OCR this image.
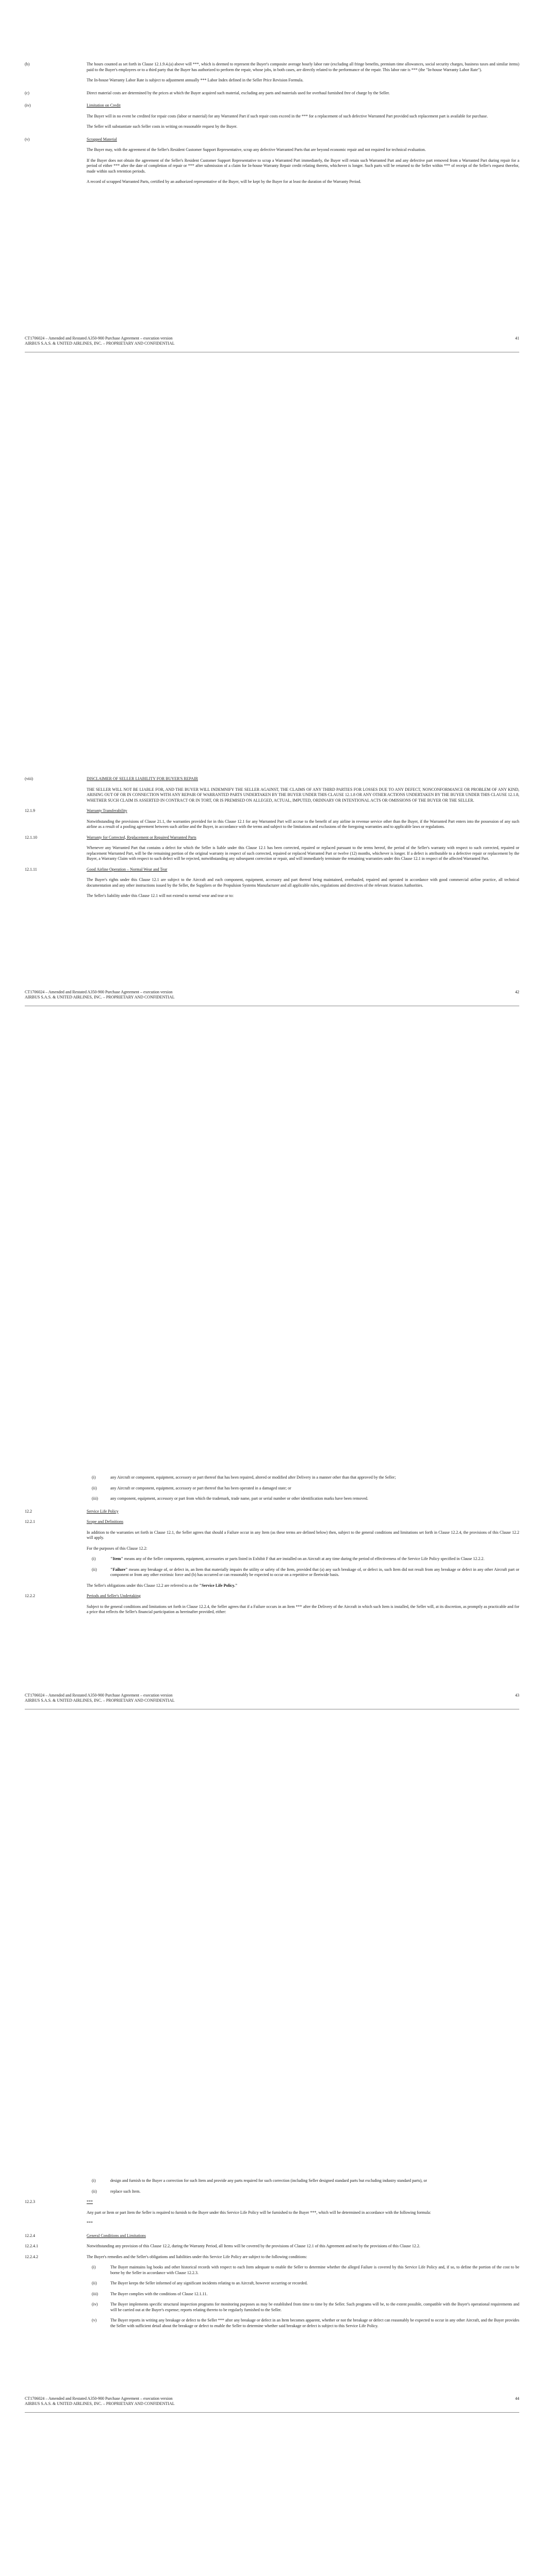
(b)	The hours counted as set forth in Clause 12.1.9.4.(a) above will ***, which is deemed to represent the Buyer's composite average hourly labor rate (excluding all fringe benefits, premium time allowances, social security charges, business taxes and similar items) paid to the Buyer's employees or to a third party that the Buyer has authorized to perform the repair, whose jobs, in both cases, are directly related to the performance of the repair. This labor rate is *** (the "In-house Warranty Labor Rate").
The In-house Warranty Labor Rate is subject to adjustment annually *** Labor Index defined in the Seller Price Revision Formula.
(c)	Direct material costs are determined by the prices at which the Buyer acquired such material, excluding any parts and materials used for overhaul furnished free of charge by the Seller.
(iv)	Limitation on Credit
The Buyer will in no event be credited for repair costs (labor or material) for any Warranted Part if such repair costs exceed in the *** for a replacement of such defective Warranted Part provided such replacement part is available for purchase.
The Seller will substantiate such Seller costs in writing on reasonable request by the Buyer.
(v)	Scrapped Material
The Buyer may, with the agreement of the Seller's Resident Customer Support Representative, scrap any defective Warranted Parts that are beyond economic repair and not required for technical evaluation.
If the Buyer does not obtain the agreement of the Seller's Resident Customer Support Representative to scrap a Warranted Part immediately, the Buyer will retain such Warranted Part and any defective part removed from a Warranted Part during repair for a period of either *** after the date of completion of repair or *** after submission of a claim for In-house Warranty Repair credit relating thereto, whichever is longer. Such parts will be returned to the Seller within *** of receipt of the Seller's request therefor, made within such retention periods.
A record of scrapped Warranted Parts, certified by an authorized representative of the Buyer, will be kept by the Buyer for at least the duration of the Warranty Period.
CT1706024 – Amended and Restated A350-900 Purchase Agreement – execution version
AIRBUS S.A.S. & UNITED AIRLINES, INC. – PROPRIETARY AND CONFIDENTIAL
41
(viii)	DISCLAIMER OF SELLER LIABILITY FOR BUYER'S REPAIR
THE SELLER WILL NOT BE LIABLE FOR, AND THE BUYER WILL INDEMNIFY THE SELLER AGAINST, THE CLAIMS OF ANY THIRD PARTIES FOR LOSSES DUE TO ANY DEFECT, NONCONFORMANCE OR PROBLEM OF ANY KIND, ARISING OUT OF OR IN CONNECTION WITH ANY REPAIR OF WARRANTED PARTS UNDERTAKEN BY THE BUYER UNDER THIS CLAUSE 12.1.8 OR ANY OTHER ACTIONS UNDERTAKEN BY THE BUYER UNDER THIS CLAUSE 12.1.8, WHETHER SUCH CLAIM IS ASSERTED IN CONTRACT OR IN TORT, OR IS PREMISED ON ALLEGED, ACTUAL, IMPUTED, ORDINARY OR INTENTIONAL ACTS OR OMISSIONS OF THE BUYER OR THE SELLER.
12.1.9	Warranty Transferability
Notwithstanding the provisions of Clause 21.1, the warranties provided for in this Clause 12.1 for any Warranted Part will accrue to the benefit of any airline in revenue service other than the Buyer, if the Warranted Part enters into the possession of any such airline as a result of a pooling agreement between such airline and the Buyer, in accordance with the terms and subject to the limitations and exclusions of the foregoing warranties and to applicable laws or regulations.
12.1.10	Warranty for Corrected, Replacement or Repaired Warranted Parts
Whenever any Warranted Part that contains a defect for which the Seller is liable under this Clause 12.1 has been corrected, repaired or replaced pursuant to the terms hereof, the period of the Seller's warranty with respect to such corrected, repaired or replacement Warranted Part, will be the remaining portion of the original warranty in respect of such corrected, repaired or replaced Warranted Part or twelve (12) months, whichever is longer. If a defect is attributable to a defective repair or replacement by the Buyer, a Warranty Claim with respect to such defect will be rejected, notwithstanding any subsequent correction or repair, and will immediately terminate the remaining warranties under this Clause 12.1 in respect of the affected Warranted Part.
12.1.11	Good Airline Operation – Normal Wear and Tear
The Buyer's rights under this Clause 12.1 are subject to the Aircraft and each component, equipment, accessory and part thereof being maintained, overhauled, repaired and operated in accordance with good commercial airline practice, all technical documentation and any other instructions issued by the Seller, the Suppliers or the Propulsion Systems Manufacturer and all applicable rules, regulations and directives of the relevant Aviation Authorities.
The Seller's liability under this Clause 12.1 will not extend to normal wear and tear or to:
CT1706024 – Amended and Restated A350-900 Purchase Agreement – execution version
AIRBUS S.A.S. & UNITED AIRLINES, INC. – PROPRIETARY AND CONFIDENTIAL
42
(i)	any Aircraft or component, equipment, accessory or part thereof that has been repaired, altered or modified after Delivery in a manner other than that approved by the Seller;
(ii)	any Aircraft or component, equipment, accessory or part thereof that has been operated in a damaged state; or
(iii)	any component, equipment, accessory or part from which the trademark, trade name, part or serial number or other identification marks have been removed.
12.2	Service Life Policy
12.2.1	Scope and Definitions
In addition to the warranties set forth in Clause 12.1, the Seller agrees that should a Failure occur in any Item (as these terms are defined below) then, subject to the general conditions and limitations set forth in Clause 12.2.4, the provisions of this Clause 12.2 will apply.
For the purposes of this Clause 12.2:
(i)	"Item" means any of the Seller components, equipment, accessories or parts listed in Exhibit F that are installed on an Aircraft at any time during the period of effectiveness of the Service Life Policy specified in Clause 12.2.2.
(ii)	"Failure" means any breakage of, or defect in, an Item that materially impairs the utility or safety of the Item, provided that (a) any such breakage of, or defect in, such Item did not result from any breakage or defect in any other Aircraft part or component or from any other extrinsic force and (b) has occurred or can reasonably be expected to occur on a repetitive or fleetwide basis.
The Seller's obligations under this Clause 12.2 are referred to as the "Service Life Policy."
12.2.2	Periods and Seller's Undertaking
Subject to the general conditions and limitations set forth in Clause 12.2.4, the Seller agrees that if a Failure occurs in an Item *** after the Delivery of the Aircraft in which such Item is installed, the Seller will, at its discretion, as promptly as practicable and for a price that reflects the Seller's financial participation as hereinafter provided, either:
CT1706024 – Amended and Restated A350-900 Purchase Agreement – execution version
AIRBUS S.A.S. & UNITED AIRLINES, INC. – PROPRIETARY AND CONFIDENTIAL
43
(i)	design and furnish to the Buyer a correction for such Item and provide any parts required for such correction (including Seller designed standard parts but excluding industry standard parts), or
(ii)	replace such Item.
12.2.3	***
Any part or Item or part Item the Seller is required to furnish to the Buyer under this Service Life Policy will be furnished to the Buyer ***, which will be determined in accordance with the following formula:
***
12.2.4	General Conditions and Limitations
12.2.4.1	Notwithstanding any provision of this Clause 12.2, during the Warranty Period, all Items will be covered by the provisions of Clause 12.1 of this Agreement and not by the provisions of this Clause 12.2.
12.2.4.2	The Buyer's remedies and the Seller's obligations and liabilities under this Service Life Policy are subject to the following conditions:
(i)	The Buyer maintains log books and other historical records with respect to each Item adequate to enable the Seller to determine whether the alleged Failure is covered by this Service Life Policy and, if so, to define the portion of the cost to be borne by the Seller in accordance with Clause 12.2.3.
(ii)	The Buyer keeps the Seller informed of any significant incidents relating to an Aircraft, however occurring or recorded.
(iii)	The Buyer complies with the conditions of Clause 12.1.11.
(iv)	The Buyer implements specific structural inspection programs for monitoring purposes as may be established from time to time by the Seller. Such programs will be, to the extent possible, compatible with the Buyer's operational requirements and will be carried out at the Buyer's expense; reports relating thereto to be regularly furnished to the Seller.
(v)	The Buyer reports in writing any breakage or defect to the Seller *** after any breakage or defect in an Item becomes apparent, whether or not the breakage or defect can reasonably be expected to occur in any other Aircraft, and the Buyer provides the Seller with sufficient detail about the breakage or defect to enable the Seller to determine whether said breakage or defect is subject to this Service Life Policy.
CT1706024 – Amended and Restated A350-900 Purchase Agreement – execution version
AIRBUS S.A.S. & UNITED AIRLINES, INC. – PROPRIETARY AND CONFIDENTIAL
44
